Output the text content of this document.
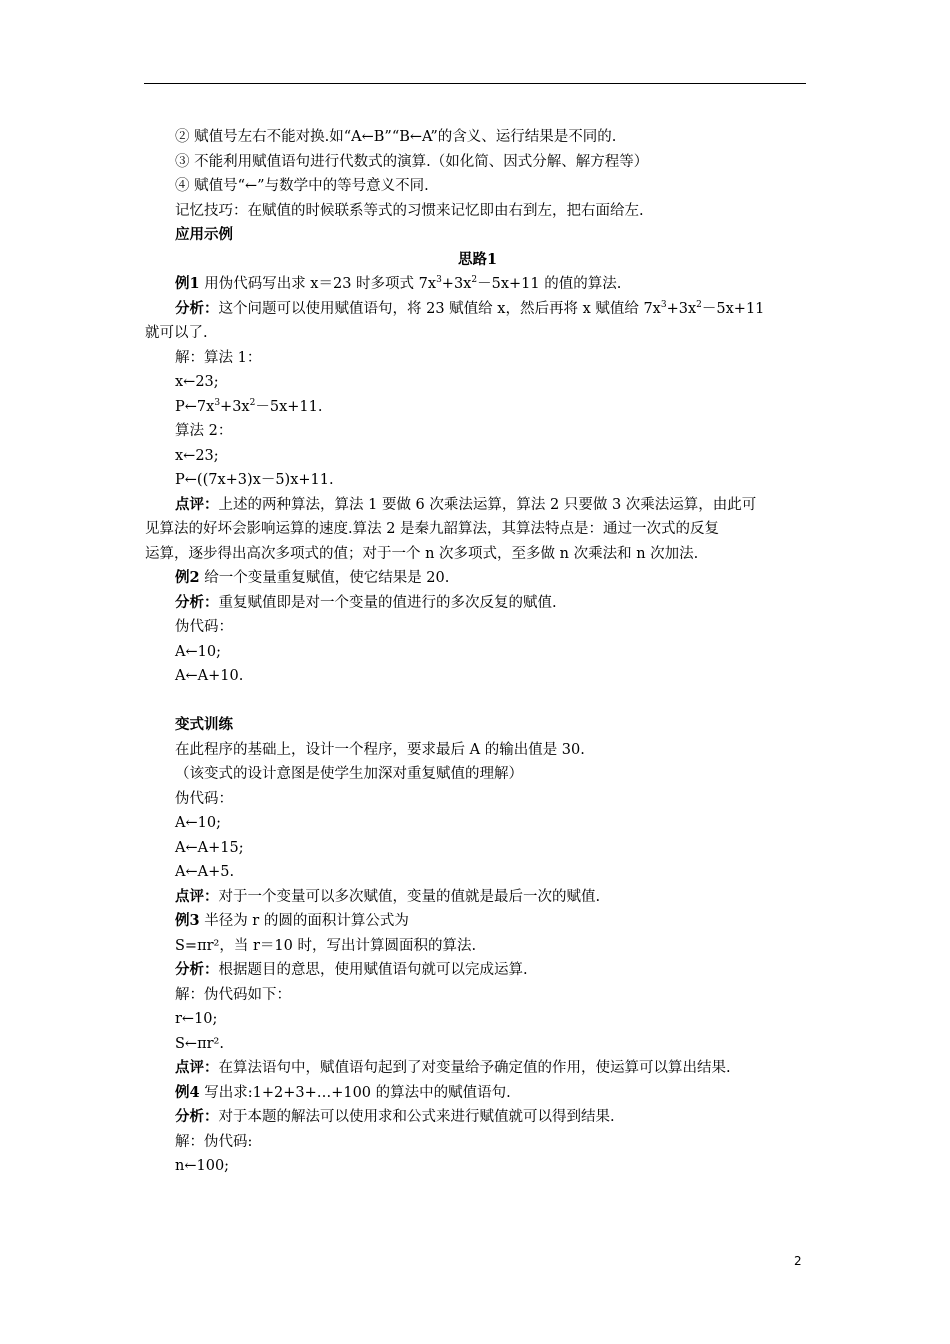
② 赋值号左右不能对换.如“A←B”“B←A”的含义、运行结果是不同的.
③ 不能利用赋值语句进行代数式的演算.（如化简、因式分解、解方程等）
④ 赋值号“←”与数学中的等号意义不同.
记忆技巧：在赋值的时候联系等式的习惯来记忆即由右到左，把右面给左.
应用示例
思路1
例1 用伪代码写出求 x＝23 时多项式 $7x^3+3x^2-5x+11$ 的值的算法.
分析：这个问题可以使用赋值语句，将 23 赋值给 x，然后再将 x 赋值给 $7x^3+3x^2-5x+11$
就可以了.
解：算法 1：
x←23;
$P\leftarrow 7x^3+3x^2-5x+11$.
算法 2：
x←23;
P←((7x+3)x－5)x+11.
点评：上述的两种算法，算法 1 要做 6 次乘法运算，算法 2 只要做 3 次乘法运算，由此可
见算法的好坏会影响运算的速度.算法 2 是秦九韶算法，其算法特点是：通过一次式的反复
运算，逐步得出高次多项式的值；对于一个 n 次多项式，至多做 n 次乘法和 n 次加法.
例2 给一个变量重复赋值，使它结果是 20.
分析：重复赋值即是对一个变量的值进行的多次反复的赋值.
伪代码：
A←10;
A←A+10.
变式训练
在此程序的基础上，设计一个程序，要求最后 A 的输出值是 30.
（该变式的设计意图是使学生加深对重复赋值的理解）
伪代码：
A←10;
A←A+15;
A←A+5.
点评：对于一个变量可以多次赋值，变量的值就是最后一次的赋值.
例3 半径为 r 的圆的面积计算公式为
S=πr²，当 r＝10 时，写出计算圆面积的算法.
分析：根据题目的意思，使用赋值语句就可以完成运算.
解：伪代码如下：
r←10;
S←πr².
点评：在算法语句中，赋值语句起到了对变量给予确定值的作用，使运算可以算出结果.
例4 写出求:1+2+3+…+100 的算法中的赋值语句.
分析：对于本题的解法可以使用求和公式来进行赋值就可以得到结果.
解：伪代码:
n←100;
2
